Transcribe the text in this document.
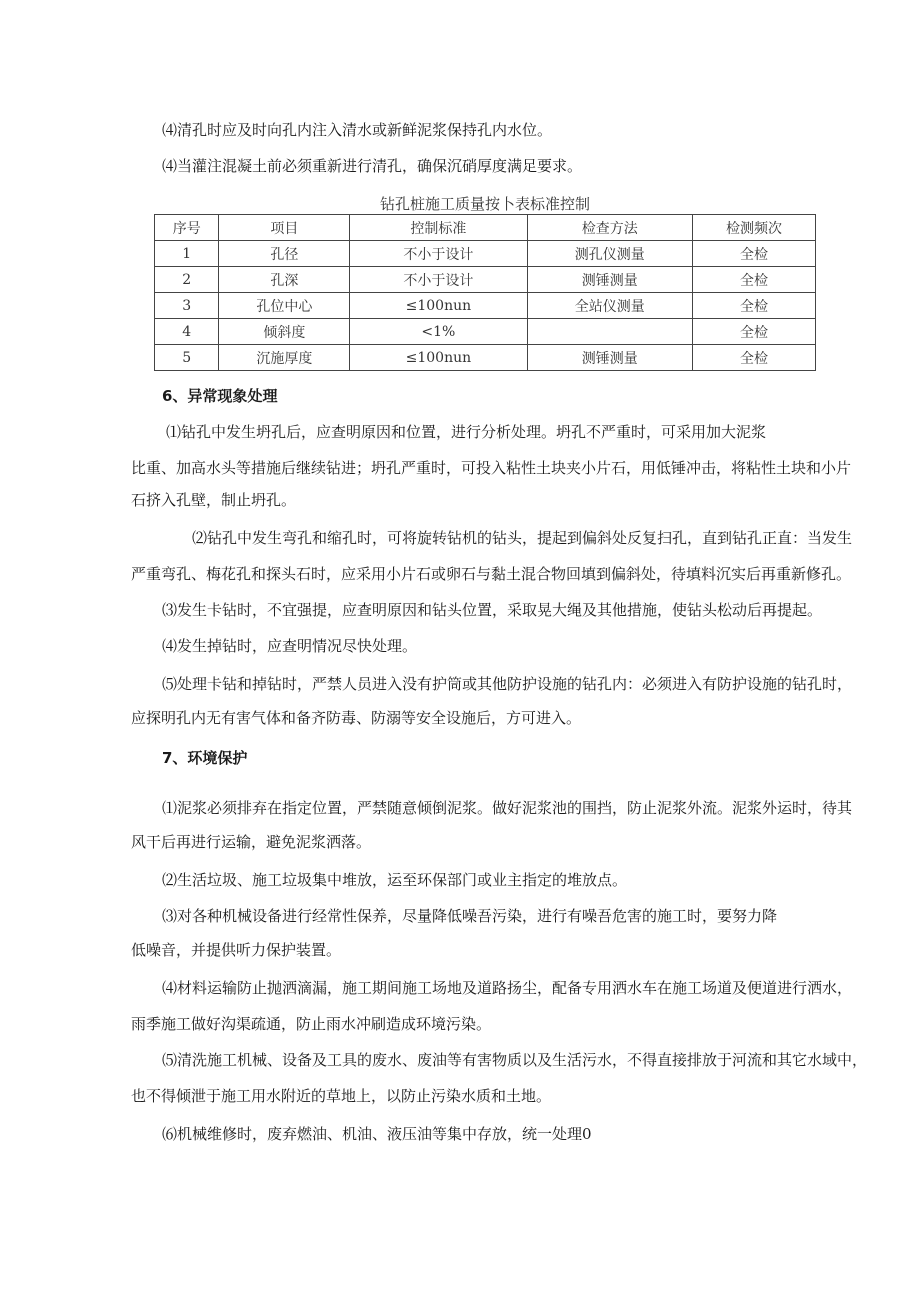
⑷清孔时应及时向孔内注入清水或新鲜泥浆保持孔内水位。
⑷当灌注混凝土前必须重新进行清孔，确保沉硝厚度满足要求。
钻孔桩施工质量按卜表标准控制
序号	项目	控制标准	检查方法	检测频次
1	孔径	不小于设计	测孔仪测量	全检
2	孔深	不小于设计	测锤测量	全检
3	孔位中心	≤100nun	全站仪测量	全检
4	倾斜度	<1%		全检
5	沉施厚度	≤100nun	测锤测量	全检
6、异常现象处理
⑴钻孔中发生坍孔后，应查明原因和位置，进行分析处理。坍孔不严重时，可采用加大泥浆
比重、加高水头等措施后继续钻进；坍孔严重时，可投入粘性土块夹小片石，用低锤冲击，将粘性土块和小片
石挤入孔壁，制止坍孔。
⑵钻孔中发生弯孔和缩孔时，可将旋转钻机的钻头，提起到偏斜处反复扫孔，直到钻孔正直：当发生
严重弯孔、梅花孔和探头石时，应采用小片石或卵石与黏土混合物回填到偏斜处，待填料沉实后再重新修孔。
⑶发生卡钻时，不宜强提，应查明原因和钻头位置，采取晃大绳及其他措施，使钻头松动后再提起。
⑷发生掉钻时，应查明情况尽快处理。
⑸处理卡钻和掉钻时，严禁人员进入没有护筒或其他防护设施的钻孔内：必须进入有防护设施的钻孔时，
应探明孔内无有害气体和备齐防毒、防溺等安全设施后，方可进入。
7、环境保护
⑴泥浆必须排弃在指定位置，严禁随意倾倒泥浆。做好泥浆池的围挡，防止泥浆外流。泥浆外运时，待其
风干后再进行运输，避免泥浆洒落。
⑵生活垃圾、施工垃圾集中堆放，运至环保部门或业主指定的堆放点。
⑶对各种机械设备进行经常性保养，尽量降低噪吾污染，进行有噪吾危害的施工时，要努力降
低噪音，并提供听力保护装置。
⑷材料运输防止抛洒滴漏，施工期间施工场地及道路扬尘，配备专用洒水车在施工场道及便道进行洒水，
雨季施工做好沟渠疏通，防止雨水冲刷造成环境污染。
⑸清洗施工机械、设备及工具的废水、废油等有害物质以及生活污水，不得直接排放于河流和其它水域中，
也不得倾泄于施工用水附近的草地上，以防止污染水质和土地。
⑹机械维修时，废弃燃油、机油、液压油等集中存放，统一处理0
